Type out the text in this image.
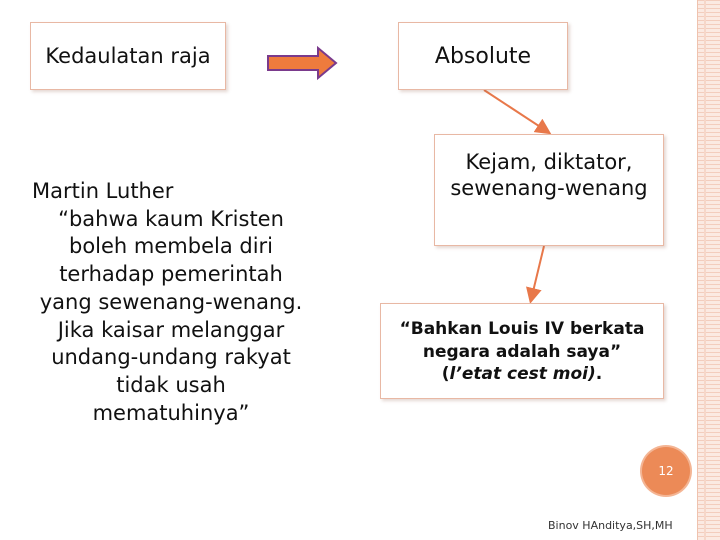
Kedaulatan raja	Absolute
Kejam, diktator,
sewenang-wenang
“Bahkan Louis IV berkata
negara adalah saya”
(l’etat cest moi).
Martin Luther
“bahwa kaum Kristen
boleh membela diri
terhadap pemerintah
yang sewenang-wenang.
Jika kaisar melanggar
undang-undang rakyat
tidak usah
mematuhinya”
12
Binov HAnditya,SH,MH
